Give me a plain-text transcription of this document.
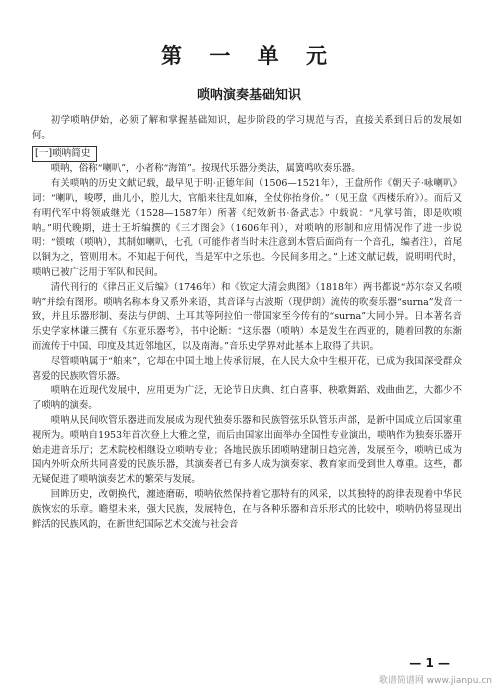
第 一 单 元
唢呐演奏基础知识

初学唢呐伊始，必须了解和掌握基础知识，起步阶段的学习规范与否，直接关系到日后的发展如何。

[一]唢呐简史

唢呐，俗称“喇叭”，小者称“海笛”。按现代乐器分类法，属簧鸣吹奏乐器。

有关唢呐的历史文献记载，最早见于明·正德年间（1506—1521年），王盘所作《朝天子·咏喇叭》词：“喇叭，唆啰，曲儿小，腔儿大，官船来往乱如麻，全仗你抬身价。”（见王盘《西楼乐府》）。而后又有明代军中将领戚继光（1528—1587年）所著《纪效新书·备武志》中载说：“凡掌号笛，即是吹唢呐。”明代晚期，进士王圻编撰的《三才图会》（1606年刊），对唢呐的形制和应用情况作了进一步说明：“锁哝（唢呐），其制如喇叭，七孔（可能作者当时未注意到木管后面尚有一个音孔，编者注），首尾以铜为之，管则用木。不知起于何代，当是军中之乐也。今民间多用之。”上述文献记载，说明明代时，唢呐已被广泛用于军队和民间。

清代刊行的《律吕正义后编》（1746年）和《钦定大清会典图》（1818年）两书都说“苏尔奈又名唢呐”并绘有图形。唢呐名称本身又系外来语，其音译与古波斯（现伊朗）流传的吹奏乐器“surna”发音一致，并且乐器形制、奏法与伊朗、土耳其等阿拉伯一带国家至今传有的“surna”大同小异。日本著名音乐史学家林谦三撰有《东亚乐器考》，书中论断：“这乐器（唢呐）本是发生在西亚的，随着回教的东渐而流传于中国、印度及其近邻地区，以及南海。”音乐史学界对此基本上取得了共识。

尽管唢呐属于“舶来”，它却在中国土地上传承衍展，在人民大众中生根开花，已成为我国深受群众喜爱的民族吹管乐器。

唢呐在近现代发展中，应用更为广泛，无论节日庆典、红白喜事、秧歌舞蹈、戏曲曲艺，大都少不了唢呐的演奏。

唢呐从民间吹管乐器进而发展成为现代独奏乐器和民族管弦乐队管乐声部，是新中国成立后国家重视所为。唢呐自1953年首次登上大雅之堂，而后由国家出面举办全国性专业演出，唢呐作为独奏乐器开始走进音乐厅；艺术院校相继设立唢呐专业；各地民族乐团唢呐建制日趋完善，发展至今，唢呐已成为国内外听众所共同喜爱的民族乐器，其演奏者已有多人成为演奏家、教育家而受到世人尊重。这些，都无疑促进了唢呐演奏艺术的繁荣与发展。

回眸历史，改朝换代，瀍迹磨砺，唢呐依然保持着它那特有的风采，以其独特的韵律表现着中华民族恢宏的乐章。瞻望未来，强大民族，发展特色，在与各种乐器和音乐形式的比较中，唢呐仍将显现出鲜活的民族风韵，在新世纪国际艺术交流与社会音

— 1 —
歌谱简谱网 www.jianpu.cn
